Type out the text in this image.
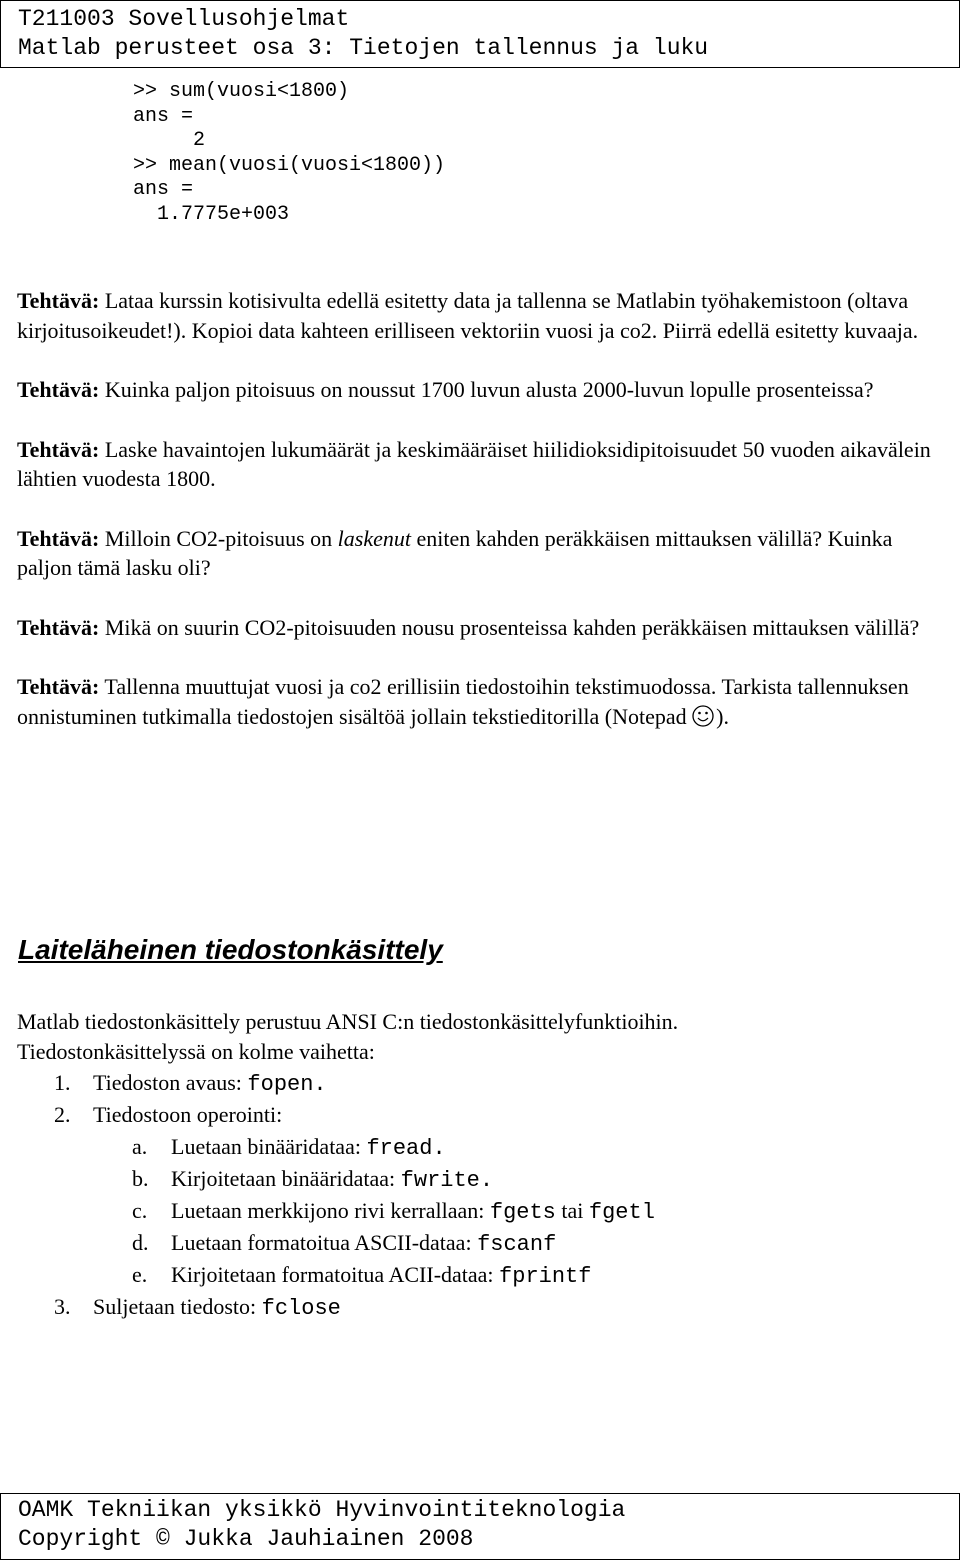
T211003 Sovellusohjelmat
Matlab perusteet osa 3: Tietojen tallennus ja luku
>> sum(vuosi<1800)
ans =
2
>> mean(vuosi(vuosi<1800))
ans =
1.7775e+003

Tehtävä: Lataa kurssin kotisivulta edellä esitetty data ja tallenna se Matlabin työhakemistoon (oltava kirjoitusoikeudet!). Kopioi data kahteen erilliseen vektoriin vuosi ja co2. Piirrä edellä esitetty kuvaaja.

Tehtävä: Kuinka paljon pitoisuus on noussut 1700 luvun alusta 2000-luvun lopulle prosenteissa?

Tehtävä: Laske havaintojen lukumäärät ja keskimääräiset hiilidioksidipitoisuudet 50 vuoden aikavälein lähtien vuodesta 1800.

Tehtävä: Milloin CO2-pitoisuus on laskenut eniten kahden peräkkäisen mittauksen välillä? Kuinka paljon tämä lasku oli?

Tehtävä: Mikä on suurin CO2-pitoisuuden nousu prosenteissa kahden peräkkäisen mittauksen välillä?

Tehtävä: Tallenna muuttujat vuosi ja co2 erillisiin tiedostoihin tekstimuodossa. Tarkista tallennuksen onnistuminen tutkimalla tiedostojen sisältöä jollain tekstieditorilla (Notepad ).

Laiteläheinen tiedostonkäsittely
Matlab tiedostonkäsittely perustuu ANSI C:n tiedostonkäsittelyfunktioihin.
Tiedostonkäsittelyssä on kolme vaihetta:
1. Tiedoston avaus: fopen.
2. Tiedostoon operointi:
a. Luetaan binääridataa: fread.
b. Kirjoitetaan binääridataa: fwrite.
c. Luetaan merkkijono rivi kerrallaan: fgets tai fgetl
d. Luetaan formatoitua ASCII-dataa: fscanf
e. Kirjoitetaan formatoitua ACII-dataa: fprintf
3. Suljetaan tiedosto: fclose
OAMK Tekniikan yksikkö Hyvinvointiteknologia
Copyright © Jukka Jauhiainen 2008
